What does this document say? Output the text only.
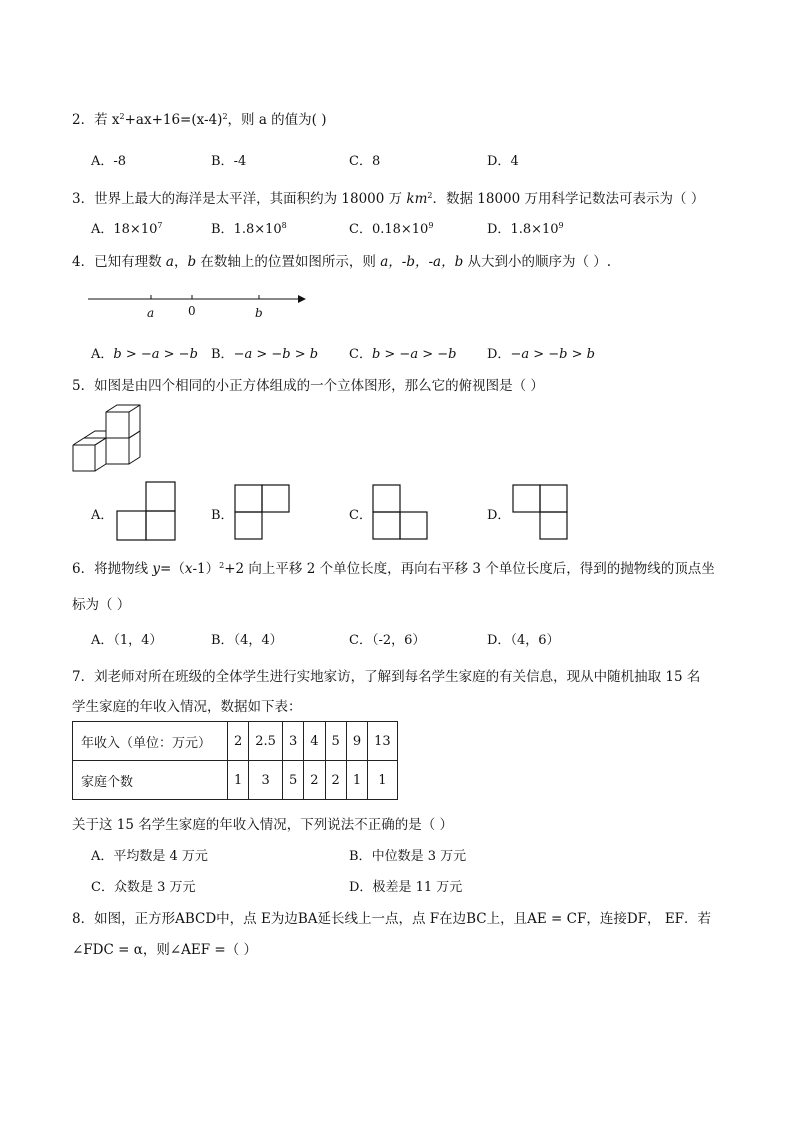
2．若 $x^2+ax+16=(x-4)^2$，则 a 的值为( )
A．-8	B．-4	C．8	D．4
3．世界上最大的海洋是太平洋，其面积约为 18000 万 $km^2$．数据 18000 万用科学记数法可表示为（ ）
A．$18\times 10^7$	B．$1.8\times 10^8$	C．$0.18\times 10^9$	D．$1.8\times 10^9$
4．已知有理数 a，b 在数轴上的位置如图所示，则 a，-b，-a，b 从大到小的顺序为（ ）.
a	0	b
A．b > −a > −b B．−a > −b > b C．b > −a > −b D．−a > −b > b
5．如图是由四个相同的小正方体组成的一个立体图形，那么它的俯视图是（ ）
A．	B．	C．	D．
6．将抛物线 $y=(x-1)^2+2$ 向上平移 2 个单位长度，再向右平移 3 个单位长度后，得到的抛物线的顶点坐
标为（ ）
A．（1，4）	B．（4，4）	C．（-2，6）	D．（4，6）
7．刘老师对所在班级的全体学生进行实地家访，了解到每名学生家庭的有关信息，现从中随机抽取 15 名
学生家庭的年收入情况，数据如下表：
年收入（单位：万元）	2	2.5	3	4	5	9	13
家庭个数	1	3	5	2	2	1	1
关于这 15 名学生家庭的年收入情况，下列说法不正确的是（ ）
A．平均数是 4 万元	B．中位数是 3 万元
C．众数是 3 万元	D．极差是 11 万元
8．如图，正方形ABCD中，点 E为边BA延长线上一点，点 F在边BC上，且AE = CF，连接DF， EF．若
∠FDC = α，则∠AEF =（ ）
